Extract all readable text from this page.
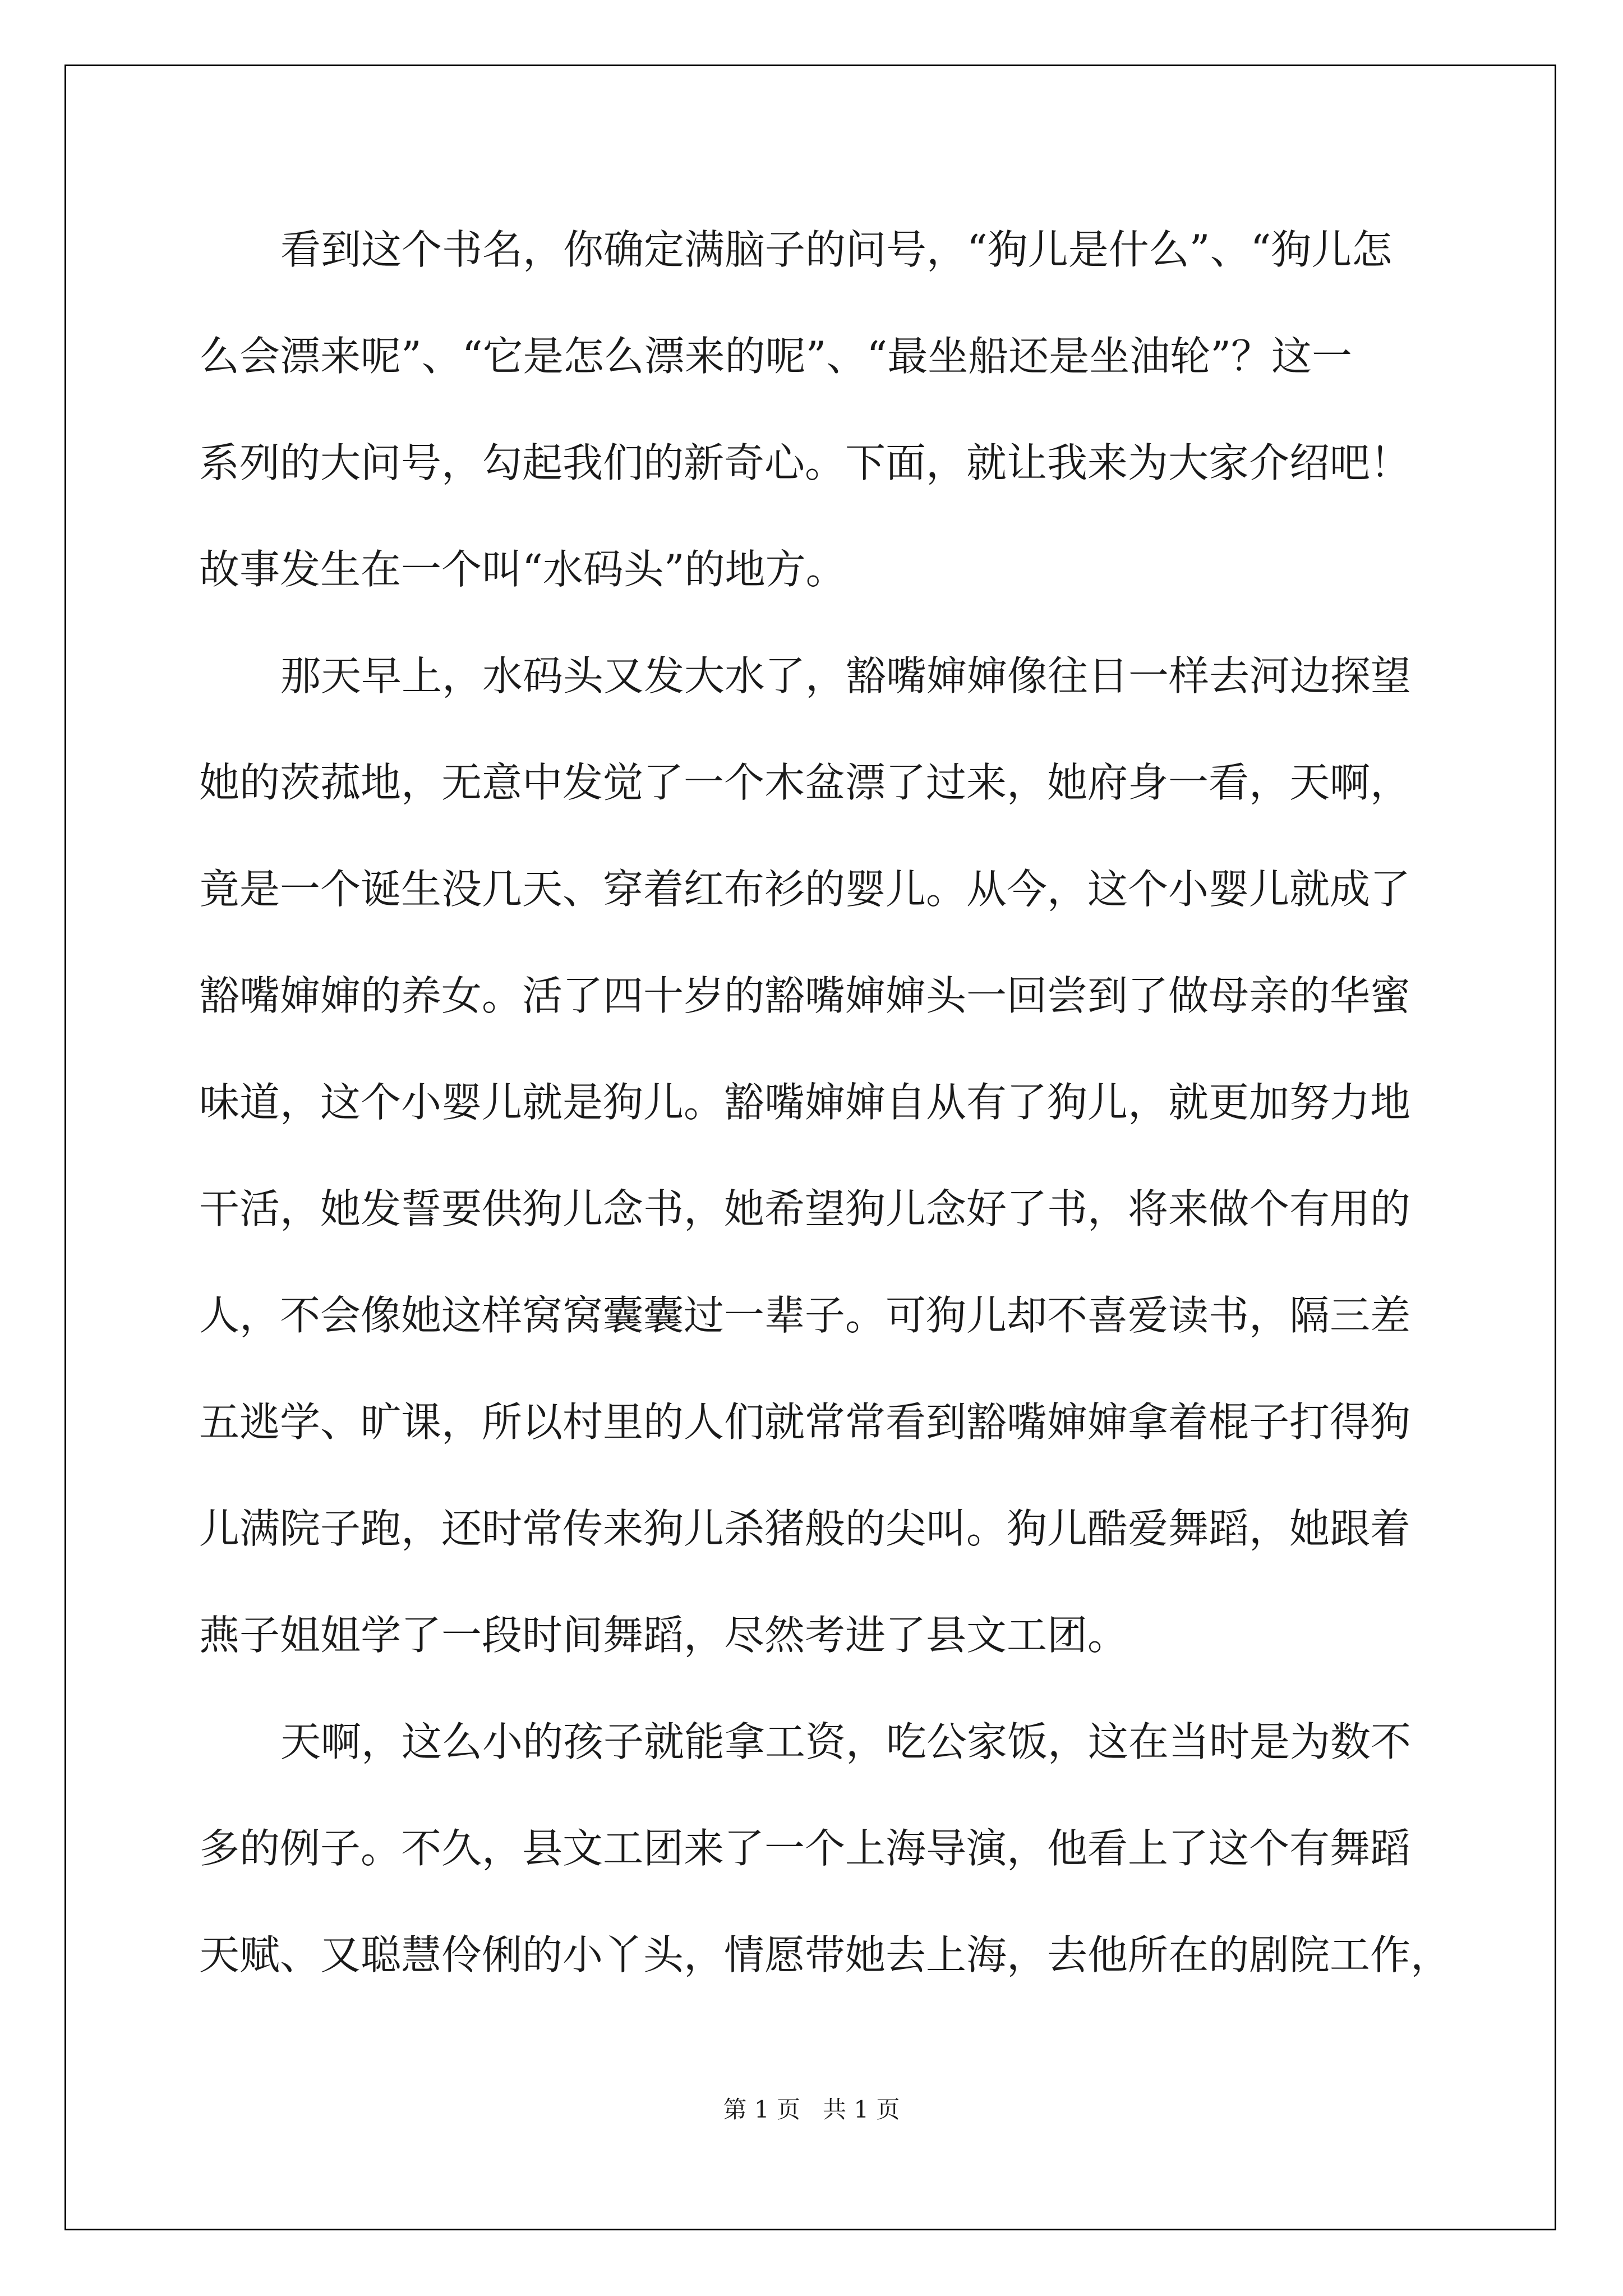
看到这个书名，你确定满脑子的问号，“狗儿是什么”、“狗儿怎
么会漂来呢”、“它是怎么漂来的呢”、“最坐船还是坐油轮”？这一
系列的大问号，勾起我们的新奇心。下面，就让我来为大家介绍吧！
故事发生在一个叫“水码头”的地方。
那天早上，水码头又发大水了，豁嘴婶婶像往日一样去河边探望
她的茨菰地，无意中发觉了一个木盆漂了过来，她府身一看，天啊，
竟是一个诞生没几天、穿着红布衫的婴儿。从今，这个小婴儿就成了
豁嘴婶婶的养女。活了四十岁的豁嘴婶婶头一回尝到了做母亲的华蜜
味道，这个小婴儿就是狗儿。豁嘴婶婶自从有了狗儿，就更加努力地
干活，她发誓要供狗儿念书，她希望狗儿念好了书，将来做个有用的
人，不会像她这样窝窝囊囊过一辈子。可狗儿却不喜爱读书，隔三差
五逃学、旷课，所以村里的人们就常常看到豁嘴婶婶拿着棍子打得狗
儿满院子跑，还时常传来狗儿杀猪般的尖叫。狗儿酷爱舞蹈，她跟着
燕子姐姐学了一段时间舞蹈，尽然考进了县文工团。
天啊，这么小的孩子就能拿工资，吃公家饭，这在当时是为数不
多的例子。不久，县文工团来了一个上海导演，他看上了这个有舞蹈
天赋、又聪慧伶俐的小丫头，情愿带她去上海，去他所在的剧院工作，
第 1 页   共 1 页
